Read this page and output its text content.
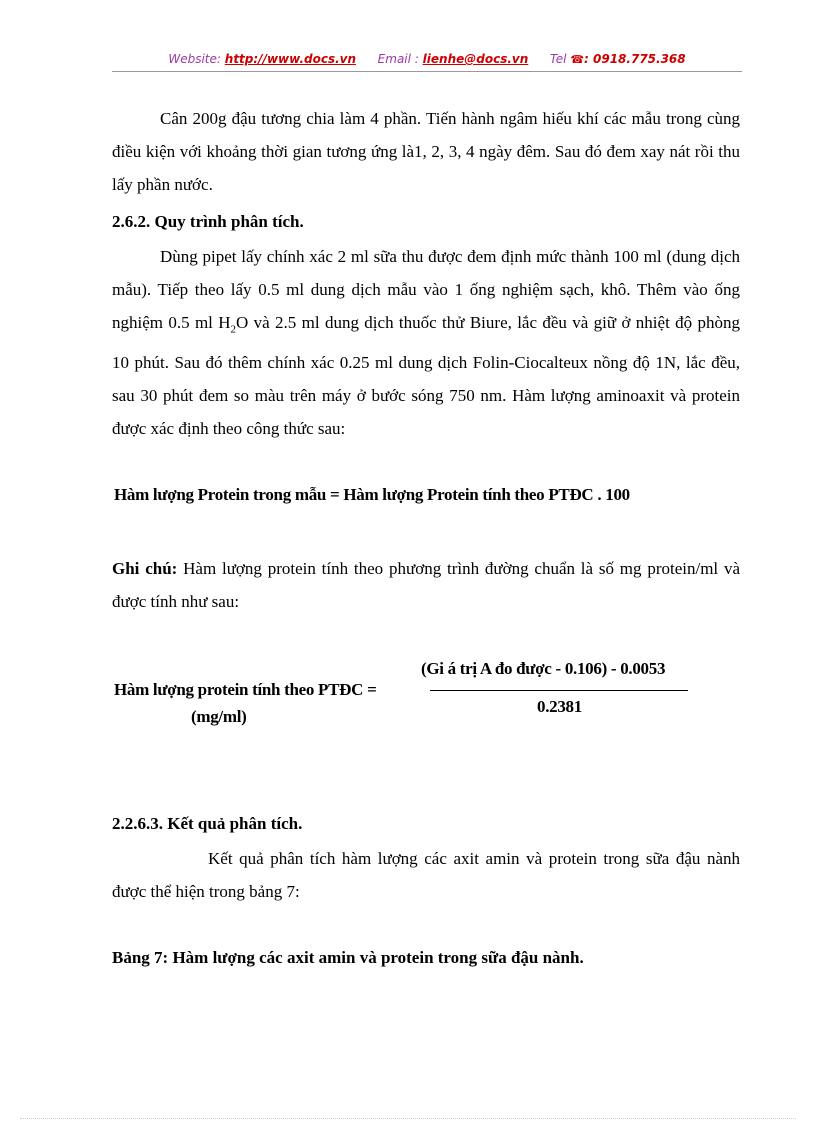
Website: http://www.docs.vn Email : lienhe@docs.vn Tel ☎: 0918.775.368

Cân 200g đậu tương chia làm 4 phần. Tiến hành ngâm hiếu khí các mẫu trong cùng điều kiện với khoảng thời gian tương ứng là1, 2, 3, 4 ngày đêm. Sau đó đem xay nát rồi thu lấy phần nước.

2.6.2. Quy trình phân tích.

Dùng pipet lấy chính xác 2 ml sữa thu được đem định mức thành 100 ml (dung dịch mẫu). Tiếp theo lấy 0.5 ml dung dịch mẫu vào 1 ống nghiệm sạch, khô. Thêm vào ống nghiệm 0.5 ml $H_2O$ và 2.5 ml dung dịch thuốc thử Biure, lắc đều và giữ ở nhiệt độ phòng 10 phút. Sau đó thêm chính xác 0.25 ml dung dịch Folin-Ciocalteux nồng độ 1N, lắc đều, sau 30 phút đem so màu trên máy ở bước sóng 750 nm. Hàm lượng aminoaxit và protein được xác định theo công thức sau:

Hàm lượng Protein trong mẫu = Hàm lượng Protein tính theo PTĐC . 100

Ghi chú: Hàm lượng protein tính theo phương trình đường chuẩn là số mg protein/ml và được tính như sau:

Hàm lượng protein tính theo PTĐC =
(mg/ml)
(Gi á trị A đo được - 0.106) - 0.0053
0.2381

2.2.6.3. Kết quả phân tích.

Kết quả phân tích hàm lượng các axit amin và protein trong sữa đậu nành được thể hiện trong bảng 7:

Bảng 7: Hàm lượng các axit amin và protein trong sữa đậu nành.
